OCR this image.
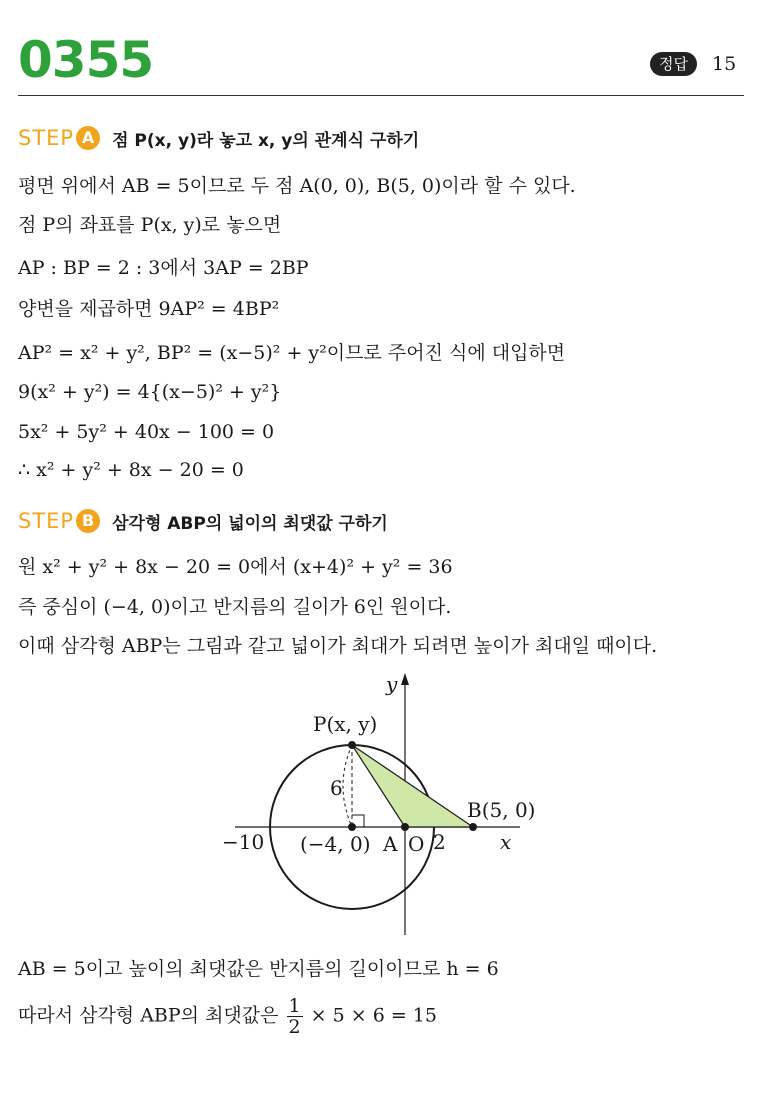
0355	정답	15
STEP A	점 P(x, y)라 놓고 x, y의 관계식 구하기
평면 위에서 AB = 5이므로 두 점 A(0, 0), B(5, 0)이라 할 수 있다.
점 P의 좌표를 P(x, y)로 놓으면
AP : BP = 2 : 3에서 3AP = 2BP
양변을 제곱하면 9AP² = 4BP²
AP² = x² + y², BP² = (x−5)² + y²이므로 주어진 식에 대입하면
9(x² + y²) = 4{(x−5)² + y²}
5x² + 5y² + 40x − 100 = 0
∴ x² + y² + 8x − 20 = 0
STEP B	삼각형 ABP의 넓이의 최댓값 구하기
원 x² + y² + 8x − 20 = 0에서 (x+4)² + y² = 36
즉 중심이 (−4, 0)이고 반지름의 길이가 6인 원이다.
이때 삼각형 ABP는 그림과 같고 넓이가 최대가 되려면 높이가 최대일 때이다.
P(x, y)
B(5, 0)
y
x
6
−10 (−4, 0) A O 2
AB = 5이고 높이의 최댓값은 반지름의 길이이므로 h = 6
따라서 삼각형 ABP의 최댓값은 $\frac{1}{2} \times 5 \times 6 = 15$
